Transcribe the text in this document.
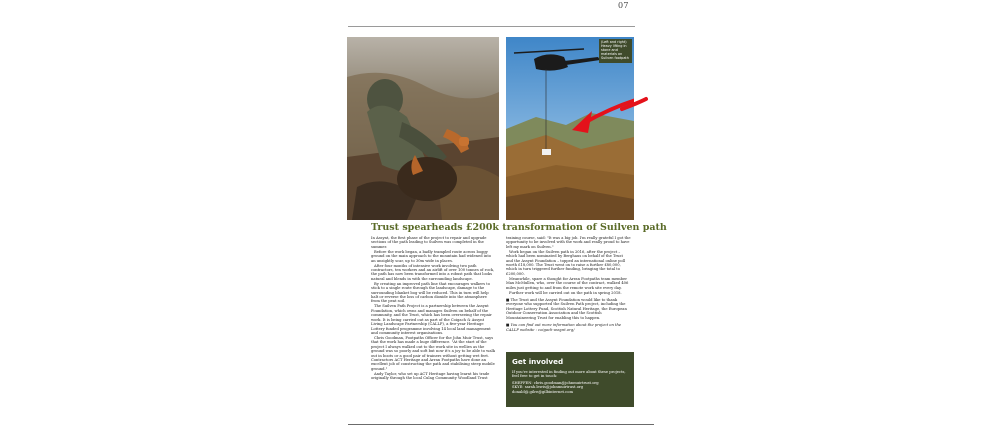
07
(Left and right) Heavy lifting in stone and materials on Suilven footpath
Trust spearheads £200k transformation of Suilven path

In Assynt, the first phase of the project to repair and upgrade sections of the path leading to Suilven was completed in the summer.

Before the work began, a badly trampled route across boggy ground on the main approach to the mountain had widened into an unsightly scar, up to 30m wide in places.

After four months of intensive work involving two path contractors, ten workers and an airlift of over 100 tonnes of rock, the path has now been transformed into a robust path that looks natural and blends in with the surrounding landscape.

By creating an improved path line that encourages walkers to stick to a single route through the landscape, damage to the surrounding blanket bog will be reduced. This in turn will help halt or reverse the loss of carbon dioxide into the atmosphere from the peat soil.

The Suilven Path Project is a partnership between the Assynt Foundation, which owns and manages Suilven on behalf of the community, and the Trust, which has been overseeing the repair work. It is being carried out as part of the Coigach & Assynt Living Landscape Partnership (CALLP), a five-year Heritage Lottery funded programme involving 14 local land management and community interest organisations.

Chris Goodman, Footpaths Officer for the John Muir Trust, says that the work has made a huge difference. "At the start of the project I always walked out to the work site in wellies as the ground was so poorly and soft but now it's a joy to be able to walk out in boots or a good pair of trainers without getting wet feet. Contractors ACT Heritage and Arran Footpaths have done an excellent job of constructing the path and stabilising steep mobile ground."

Andy Taylor, who set up ACT Heritage having learnt his trade originally through the local Culag Community Woodland Trust

training course, said: "It was a big job. I'm really grateful I got the opportunity to be involved with the work and really proud to have left my mark on Suilven."

Work began on the Suilven path in 2016, after the project – which had been nominated by Berghaus on behalf of the Trust and the Assynt Foundation – topped an international online poll worth £18,000. The Trust went on to raise a further £80,000, which in turn triggered further funding, bringing the total to £200,000.

Meanwhile, spare a thought for Arran Footpaths team member Max McMullen, who, over the course of the contract, walked 406 miles just getting to and from the remote work site every day.

Further work will be carried out on the path in spring 2018.

■ The Trust and the Assynt Foundation would like to thank everyone who supported the Suilven Path project, including the Heritage Lottery Fund, Scottish Natural Heritage, the European Outdoor Conservation Association and the Scottish Mountaineering Trust for enabling this to happen.

■ You can find out more information about the project on the CALLP website : coigach-assynt.org/

Get involved

If you're interested in finding out more about these projects, feel free to get in touch:

SHEFFEN: chris.goodman@johnmuirtrust.org
SKYE: sarah.lewis@johnmuirtrust.org
donald@.gilre@gilbinternet.com
